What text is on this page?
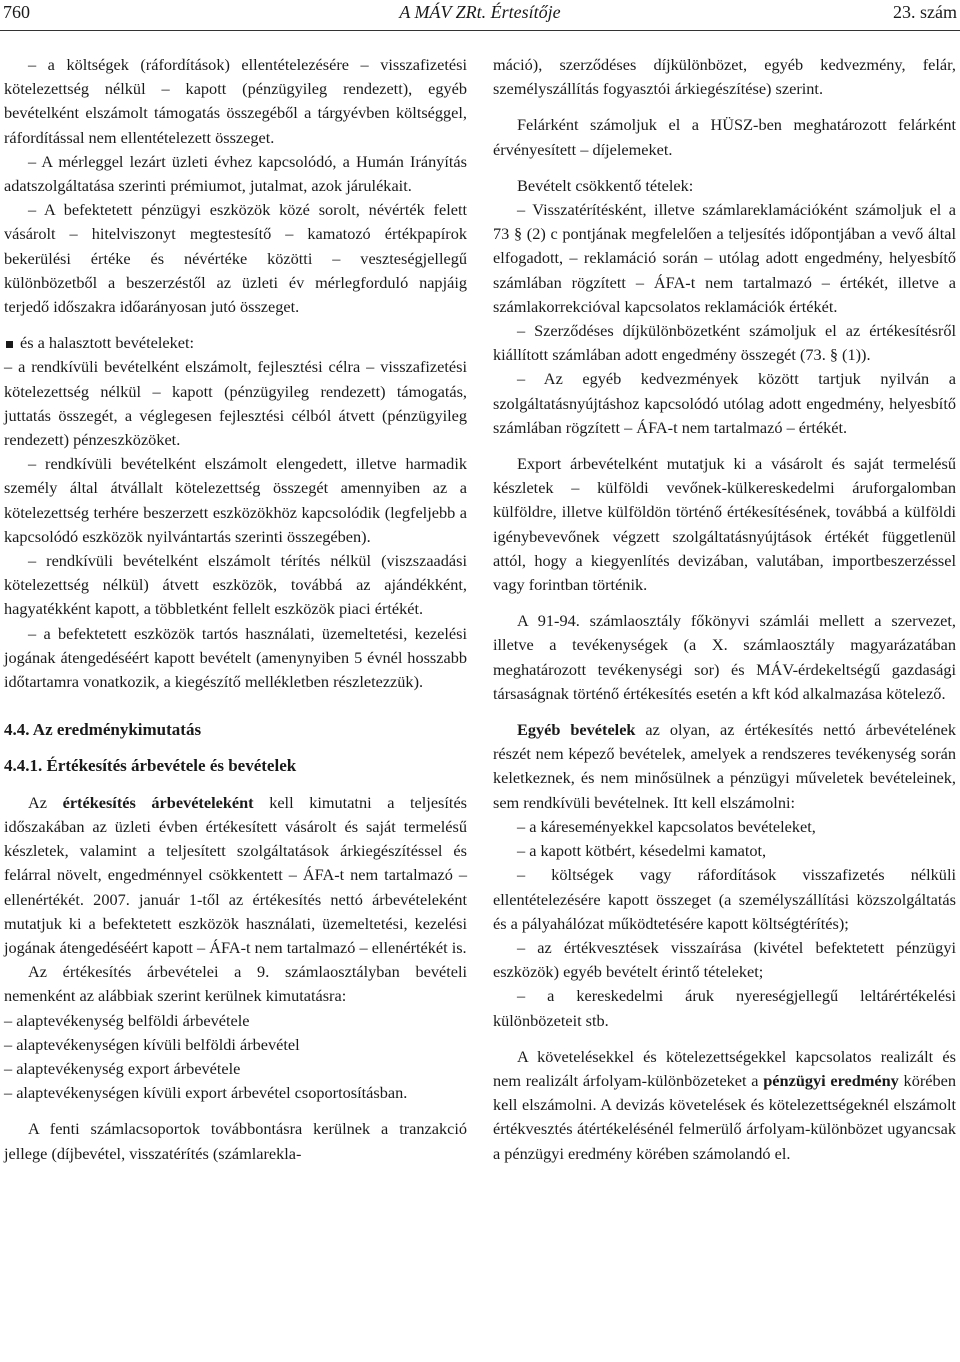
760	A MÁV ZRt. Értesítője	23. szám

– a költségek (ráfordítások) ellentételezésére – visszafizetési kötelezettség nélkül – kapott (pénzügyileg rendezett), egyéb bevételként elszámolt támogatás összegéből a tárgyévben költséggel, ráfordítással nem ellentételezett összeget.

– A mérleggel lezárt üzleti évhez kapcsolódó, a Humán Irányítás adatszolgáltatása szerinti prémiumot, jutalmat, azok járulékait.

– A befektetett pénzügyi eszközök közé sorolt, névérték felett vásárolt – hitelviszonyt megtestesítő – kamatozó értékpapírok bekerülési értéke és névértéke közötti – veszteségjellegű különbözetből a beszerzéstől az üzleti év mérlegforduló napjáig terjedő időszakra időarányosan jutó összeget.

és a halasztott bevételeket:

– a rendkívüli bevételként elszámolt, fejlesztési célra – visszafizetési kötelezettség nélkül – kapott (pénzügyileg rendezett) támogatás, juttatás összegét, a véglegesen fejlesztési célból átvett (pénzügyileg rendezett) pénzeszközöket.

– rendkívüli bevételként elszámolt elengedett, illetve harmadik személy által átvállalt kötelezettség összegét amennyiben az a kötelezettség terhére beszerzett eszközökhöz kapcsolódik (legfeljebb a kapcsolódó eszközök nyilvántartás szerinti összegében).

– rendkívüli bevételként elszámolt térítés nélkül (viszszaadási kötelezettség nélkül) átvett eszközök, továbbá az ajándékként, hagyatékként kapott, a többletként fellelt eszközök piaci értékét.

– a befektetett eszközök tartós használati, üzemeltetési, kezelési jogának átengedéséért kapott bevételt (amenynyiben 5 évnél hosszabb időtartamra vonatkozik, a kiegészítő mellékletben részletezzük).

4.4. Az eredménykimutatás
4.4.1. Értékesítés árbevétele és bevételek

Az értékesítés árbevételeként kell kimutatni a teljesítés időszakában az üzleti évben értékesített vásárolt és saját termelésű készletek, valamint a teljesített szolgáltatások árkiegészítéssel és felárral növelt, engedménnyel csökkentett – ÁFA-t nem tartalmazó – ellenértékét. 2007. január 1-től az értékesítés nettó árbevételeként mutatjuk ki a befektetett eszközök használati, üzemeltetési, kezelési jogának átengedéséért kapott – ÁFA-t nem tartalmazó – ellenértékét is.

Az értékesítés árbevételei a 9. számlaosztályban bevételi nemenként az alábbiak szerint kerülnek kimutatásra:

– alaptevékenység belföldi árbevétele

– alaptevékenységen kívüli belföldi árbevétel

– alaptevékenység export árbevétele

– alaptevékenységen kívüli export árbevétel csoportosításban.

A fenti számlacsoportok továbbontásra kerülnek a tranzakció jellege (díjbevétel, visszatérítés (számlarekla-

máció), szerződéses díjkülönbözet, egyéb kedvezmény, felár, személyszállítás fogyasztói árkiegészítése) szerint.

Felárként számoljuk el a HÜSZ-ben meghatározott felárként érvényesített – díjelemeket.

Bevételt csökkentő tételek:

– Visszatérítésként, illetve számlareklamációként számoljuk el a 73 § (2) c pontjának megfelelően a teljesítés időpontjában a vevő által elfogadott, – reklamáció során – utólag adott engedmény, helyesbítő számlában rögzített – ÁFA-t nem tartalmazó – értékét, illetve a számlakorrekcióval kapcsolatos reklamációk értékét.

– Szerződéses díjkülönbözetként számoljuk el az értékesítésről kiállított számlában adott engedmény összegét (73. § (1)).

– Az egyéb kedvezmények között tartjuk nyilván a szolgáltatásnyújtáshoz kapcsolódó utólag adott engedmény, helyesbítő számlában rögzített – ÁFA-t nem tartalmazó – értékét.

Export árbevételként mutatjuk ki a vásárolt és saját termelésű készletek – külföldi vevőnek-külkereskedelmi áruforgalomban külföldre, illetve külföldön történő értékesítésének, továbbá a külföldi igénybevevőnek végzett szolgáltatásnyújtások értékét függetlenül attól, hogy a kiegyenlítés devizában, valutában, importbeszerzéssel vagy forintban történik.

A 91-94. számlaosztály főkönyvi számlái mellett a szervezet, illetve a tevékenységek (a X. számlaosztály magyarázatában meghatározott tevékenységi sor) és MÁV-érdekeltségű gazdasági társaságnak történő értékesítés esetén a kft kód alkalmazása kötelező.

Egyéb bevételek az olyan, az értékesítés nettó árbevételének részét nem képező bevételek, amelyek a rendszeres tevékenység során keletkeznek, és nem minősülnek a pénzügyi műveletek bevételeinek, sem rendkívüli bevételnek. Itt kell elszámolni:

– a káreseményekkel kapcsolatos bevételeket,

– a kapott kötbért, késedelmi kamatot,

– költségek vagy ráfordítások visszafizetés nélküli ellentételezésére kapott összeget (a személyszállítási közszolgáltatás és a pályahálózat működtetésére kapott költségtérítés);

– az értékvesztések visszaírása (kivétel befektetett pénzügyi eszközök) egyéb bevételt érintő tételeket;

– a kereskedelmi áruk nyereségjellegű leltárértékelési különbözeteit stb.

A követelésekkel és kötelezettségekkel kapcsolatos realizált és nem realizált árfolyam-különbözeteket a pénzügyi eredmény körében kell elszámolni. A devizás követelések és kötelezettségeknél elszámolt értékvesztés átértékelésénél felmerülő árfolyam-különbözet ugyancsak a pénzügyi eredmény körében számolandó el.
